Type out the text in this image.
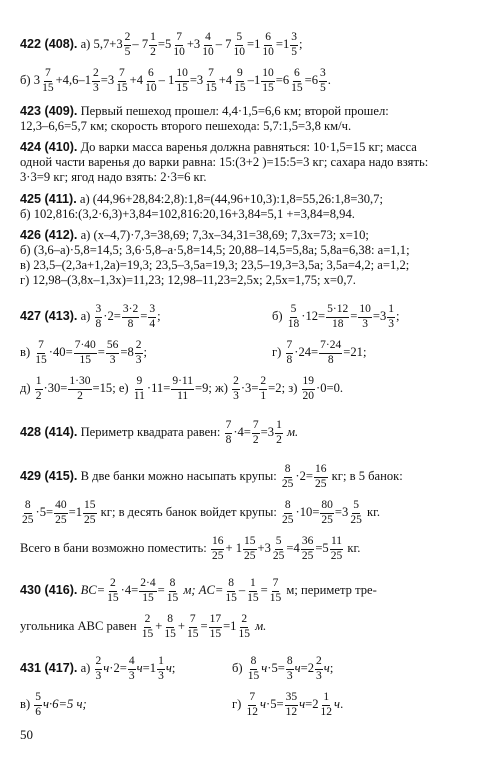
422 (408). а) $5,7+3 \frac{2}{5} - 7 \frac{1}{2} =5 \frac{7}{10} +3 \frac{4}{10} - 7 \frac{5}{10} =1 \frac{6}{10} =1 \frac{3}{5}$ ;
б) $3 \frac{7}{15} +4,6-1 \frac{2}{3} =3 \frac{7}{15} +4 \frac{6}{10} - 1 \frac{10}{15} =3 \frac{7}{15} +4 \frac{9}{15} -1 \frac{10}{15} =6 \frac{6}{15} =6 \frac{3}{5}$ .
423 (409). Первый пешеход прошел: 4,4·1,5=6,6 км; второй прошел:
12,3–6,6=5,7 км; скорость второго пешехода: 5,7:1,5=3,8 км/ч.
424 (410). До варки масса варенья должна равняться: 10·1,5=15 кг; масса
одной части варенья до варки равна: 15:(3+2 )=15:5=3 кг; сахара надо взять:
3·3=9 кг; ягод надо взять: 2·3=6 кг.
425 (411). а) (44,96+28,84:2,8):1,8=(44,96+10,3):1,8=55,26:1,8=30,7;
б) 102,816:(3,2·6,3)+3,84=102,816:20,16+3,84=5,1 +=3,84=8,94.
426 (412). а) (x–4,7)·7,3=38,69; 7,3x–34,31=38,69; 7,3x=73; x=10;
б) (3,6–a)·5,8=14,5; 3,6·5,8–a·5,8=14,5; 20,88–14,5=5,8a; 5,8a=6,38: a=1,1;
в) 23,5–(2,3a+1,2a)=19,3; 23,5–3,5a=19,3; 23,5–19,3=3,5a; 3,5a=4,2; a=1,2;
г) 12,98–(3,8x–1,3x)=11,23; 12,98–11,23=2,5x; 2,5x=1,75; x=0,7.
427 (413). $а) \frac{3}{8} \cdot 2= \frac{3\cdot 2}{8} = \frac{3}{4}$ ;	$б) \frac{5}{18} \cdot 12= \frac{5\cdot 12}{18} = \frac{10}{3} =3 \frac{1}{3}$ ;
$в) \frac{7}{15} \cdot 40= \frac{7\cdot 40}{15} = \frac{56}{3} =8 \frac{2}{3}$ ;	$г) \frac{7}{8} \cdot 24= \frac{7\cdot 24}{8} =21$;
$д) \frac{1}{2} \cdot 30= \frac{1\cdot 30}{2} =15$; $е) \frac{9}{11} \cdot 11= \frac{9\cdot 11}{11} =9$; $ж) \frac{2}{3} \cdot 3= \frac{2}{1} =2$; $з) \frac{19}{20} \cdot 0=0$.
428 (414). Периметр квадрата равен: $\frac{7}{8} \cdot 4= \frac{7}{2} =3 \frac{1}{2} м$.
429 (415). В две банки можно насыпать крупы: $\frac{8}{25} \cdot 2= \frac{16}{25}$ кг; в 5 банок:
$\frac{8}{25} \cdot 5= \frac{40}{25} =1 \frac{15}{25}$ кг; в десять банок войдет крупы: $\frac{8}{25} \cdot 10= \frac{80}{25} =3 \frac{5}{25}$ кг.
Всего в бани возможно поместить: $\frac{16}{25} + 1 \frac{15}{25} +3 \frac{5}{25} =4 \frac{36}{25} =5 \frac{11}{25}$ кг.
430 (416). $BC= \frac{2}{15} \cdot 4= \frac{2\cdot 4}{15} = \frac{8}{15} м$; $AC= \frac{8}{15} - \frac{1}{15} = \frac{7}{15} м$; периметр тре-
угольника ABC равен $\frac{2}{15} + \frac{8}{15} + \frac{7}{15} = \frac{17}{15} =1 \frac{2}{15} м$.
431 (417). $а) \frac{2}{3} ч\cdot 2= \frac{4}{3} ч=1 \frac{1}{3} ч$;	$б) \frac{8}{15} ч\cdot 5= \frac{8}{3} ч=2 \frac{2}{3} ч$;
$в) \frac{5}{6} ч\cdot 6=5$ ч;	$г) \frac{7}{12} ч\cdot 5= \frac{35}{12} ч=2 \frac{1}{12} ч$.
50
